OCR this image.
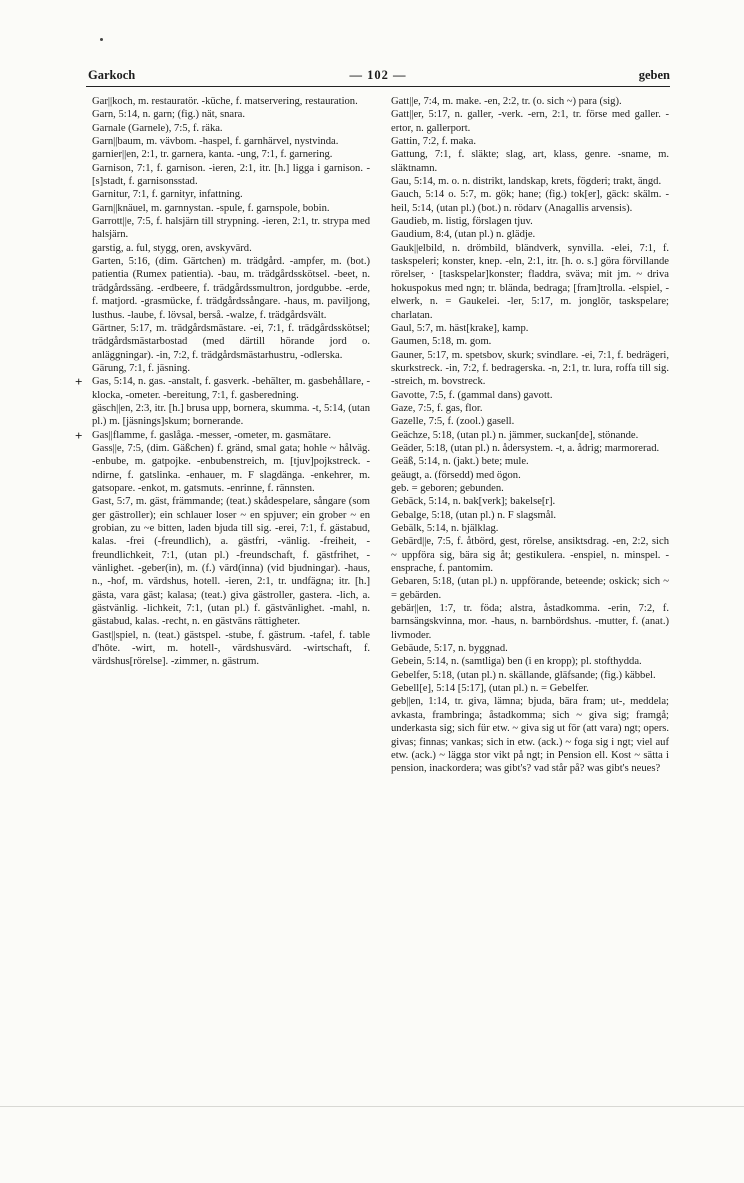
Garkoch	— 102 —	geben

Gar||koch, m. restauratör. -küche, f. matservering, restauration.

Garn, 5:14, n. garn; (fig.) nät, snara.

Garnale (Garnele), 7:5, f. räka.

Garn||baum, m. vävbom. -haspel, f. garnhärvel, nystvinda.

garnier||en, 2:1, tr. garnera, kanta. -ung, 7:1, f. garnering.

Garnison, 7:1, f. garnison. -ieren, 2:1, itr. [h.] ligga i garnison. -[s]stadt, f. garnisonsstad.

Garnitur, 7:1, f. garnityr, infattning.

Garn||knäuel, m. garnnystan. -spule, f. garnspole, bobin.

Garrott||e, 7:5, f. halsjärn till strypning. -ieren, 2:1, tr. strypa med halsjärn.

garstig, a. ful, stygg, oren, avskyvärd.

Garten, 5:16, (dim. Gärtchen) m. trädgård. -ampfer, m. (bot.) patientia (Rumex patientia). -bau, m. trädgårdsskötsel. -beet, n. trädgårdssäng. -erdbeere, f. trädgårdssmultron, jordgubbe. -erde, f. matjord. -grasmücke, f. trädgårdssångare. -haus, m. paviljong, lusthus. -laube, f. lövsal, berså. -walze, f. trädgårdsvält.

Gärtner, 5:17, m. trädgårdsmästare. -ei, 7:1, f. trädgårdsskötsel; trädgårdsmästarbostad (med därtill hörande jord o. anläggningar). -in, 7:2, f. trädgårdsmästarhustru, -odlerska.

Gärung, 7:1, f. jäsning.

+ Gas, 5:14, n. gas. -anstalt, f. gasverk. -behälter, m. gasbehållare, -klocka, -ometer. -bereitung, 7:1, f. gasberedning.

gäsch||en, 2:3, itr. [h.] brusa upp, bornera, skumma. -t, 5:14, (utan pl.) m. [jäsnings]skum; bornerande.

+ Gas||flamme, f. gaslåga. -messer, -ometer, m. gasmätare.

Gass||e, 7:5, (dim. Gäßchen) f. gränd, smal gata; hohle ~ hålväg. -enbube, m. gatpojke. -enbubenstreich, m. [tjuv]pojkstreck. -ndirne, f. gatslinka. -enhauer, m. F slagdänga. -enkehrer, m. gatsopare. -enkot, m. gatsmuts. -enrinne, f. rännsten.

Gast, 5:7, m. gäst, främmande; (teat.) skådespelare, sångare (som ger gästroller); ein schlauer loser ~ en spjuver; ein grober ~ en grobian, zu ~e bitten, laden bjuda till sig. -erei, 7:1, f. gästabud, kalas. -frei (-freundlich), a. gästfri, -vänlig. -freiheit, -freundlichkeit, 7:1, (utan pl.) -freundschaft, f. gästfrihet, -vänlighet. -geber(in), m. (f.) värd(inna) (vid bjudningar). -haus, n., -hof, m. värdshus, hotell. -ieren, 2:1, tr. undfägna; itr. [h.] gästa, vara gäst; kalasa; (teat.) giva gästroller, gastera. -lich, a. gästvänlig. -lichkeit, 7:1, (utan pl.) f. gästvänlighet. -mahl, n. gästabud, kalas. -recht, n. en gästväns rättigheter.

Gast||spiel, n. (teat.) gästspel. -stube, f. gästrum. -tafel, f. table d'hôte. -wirt, m. hotell-, värdshusvärd. -wirtschaft, f. värdshus[rörelse]. -zimmer, n. gästrum.

Gatt||e, 7:4, m. make. -en, 2:2, tr. (o. sich ~) para (sig).

Gatt||er, 5:17, n. galler, -verk. -ern, 2:1, tr. förse med galler. -ertor, n. gallerport.

Gattin, 7:2, f. maka.

Gattung, 7:1, f. släkte; slag, art, klass, genre. -sname, m. släktnamn.

Gau, 5:14, m. o. n. distrikt, landskap, krets, fögderi; trakt, ängd.

Gauch, 5:14 o. 5:7, m. gök; hane; (fig.) tok[er], gäck: skälm. -heil, 5:14, (utan pl.) (bot.) n. rödarv (Anagallis arvensis).

Gaudieb, m. listig, förslagen tjuv.

Gaudium, 8:4, (utan pl.) n. glädje.

Gauk||elbild, n. drömbild, bländverk, synvilla. -elei, 7:1, f. taskspeleri; konster, knep. -eln, 2:1, itr. [h. o. s.] göra förvillande rörelser, · [taskspelar]konster; fladdra, sväva; mit jm. ~ driva hokuspokus med ngn; tr. blända, bedraga; [fram]trolla. -elspiel, -elwerk, n. = Gaukelei. -ler, 5:17, m. jonglör, taskspelare; charlatan.

Gaul, 5:7, m. häst[krake], kamp.

Gaumen, 5:18, m. gom.

Gauner, 5:17, m. spetsbov, skurk; svindlare. -ei, 7:1, f. bedrägeri, skurkstreck. -in, 7:2, f. bedragerska. -n, 2:1, tr. lura, roffa till sig. -streich, m. bovstreck.

Gavotte, 7:5, f. (gammal dans) gavott.

Gaze, 7:5, f. gas, flor.

Gazelle, 7:5, f. (zool.) gasell.

Geächze, 5:18, (utan pl.) n. jämmer, suckan[de], stönande.

Geäder, 5:18, (utan pl.) n. ådersystem. -t, a. ådrig; marmorerad.

Geäß, 5:14, n. (jakt.) bete; mule.

geäugt, a. (försedd) med ögon.

geb. = geboren; gebunden.

Gebäck, 5:14, n. bak[verk]; bakelse[r].

Gebalge, 5:18, (utan pl.) n. F slagsmål.

Gebälk, 5:14, n. bjälklag.

Gebärd||e, 7:5, f. åtbörd, gest, rörelse, ansiktsdrag. -en, 2:2, sich ~ uppföra sig, bära sig åt; gestikulera. -enspiel, n. minspel. -ensprache, f. pantomim.

Gebaren, 5:18, (utan pl.) n. uppförande, beteende; oskick; sich ~ = gebärden.

gebär||en, 1:7, tr. föda; alstra, åstadkomma. -erin, 7:2, f. barnsängskvinna, mor. -haus, n. barnbördshus. -mutter, f. (anat.) livmoder.

Gebäude, 5:17, n. byggnad.

Gebein, 5:14, n. (samtliga) ben (i en kropp); pl. stofthydda.

Gebelfer, 5:18, (utan pl.) n. skällande, gläfsande; (fig.) käbbel.

Gebell[e], 5:14 [5:17], (utan pl.) n. = Gebelfer.

geb||en, 1:14, tr. giva, lämna; bjuda, bära fram; ut-, meddela; avkasta, frambringa; åstadkomma; sich ~ giva sig; framgå; underkasta sig; sich für etw. ~ giva sig ut för (att vara) ngt; opers. givas; finnas; vankas; sich in etw. (ack.) ~ foga sig i ngt; viel auf etw. (ack.) ~ lägga stor vikt på ngt; in Pension ell. Kost ~ sätta i pension, inackordera; was gibt's? vad står på? was gibt's neues?
